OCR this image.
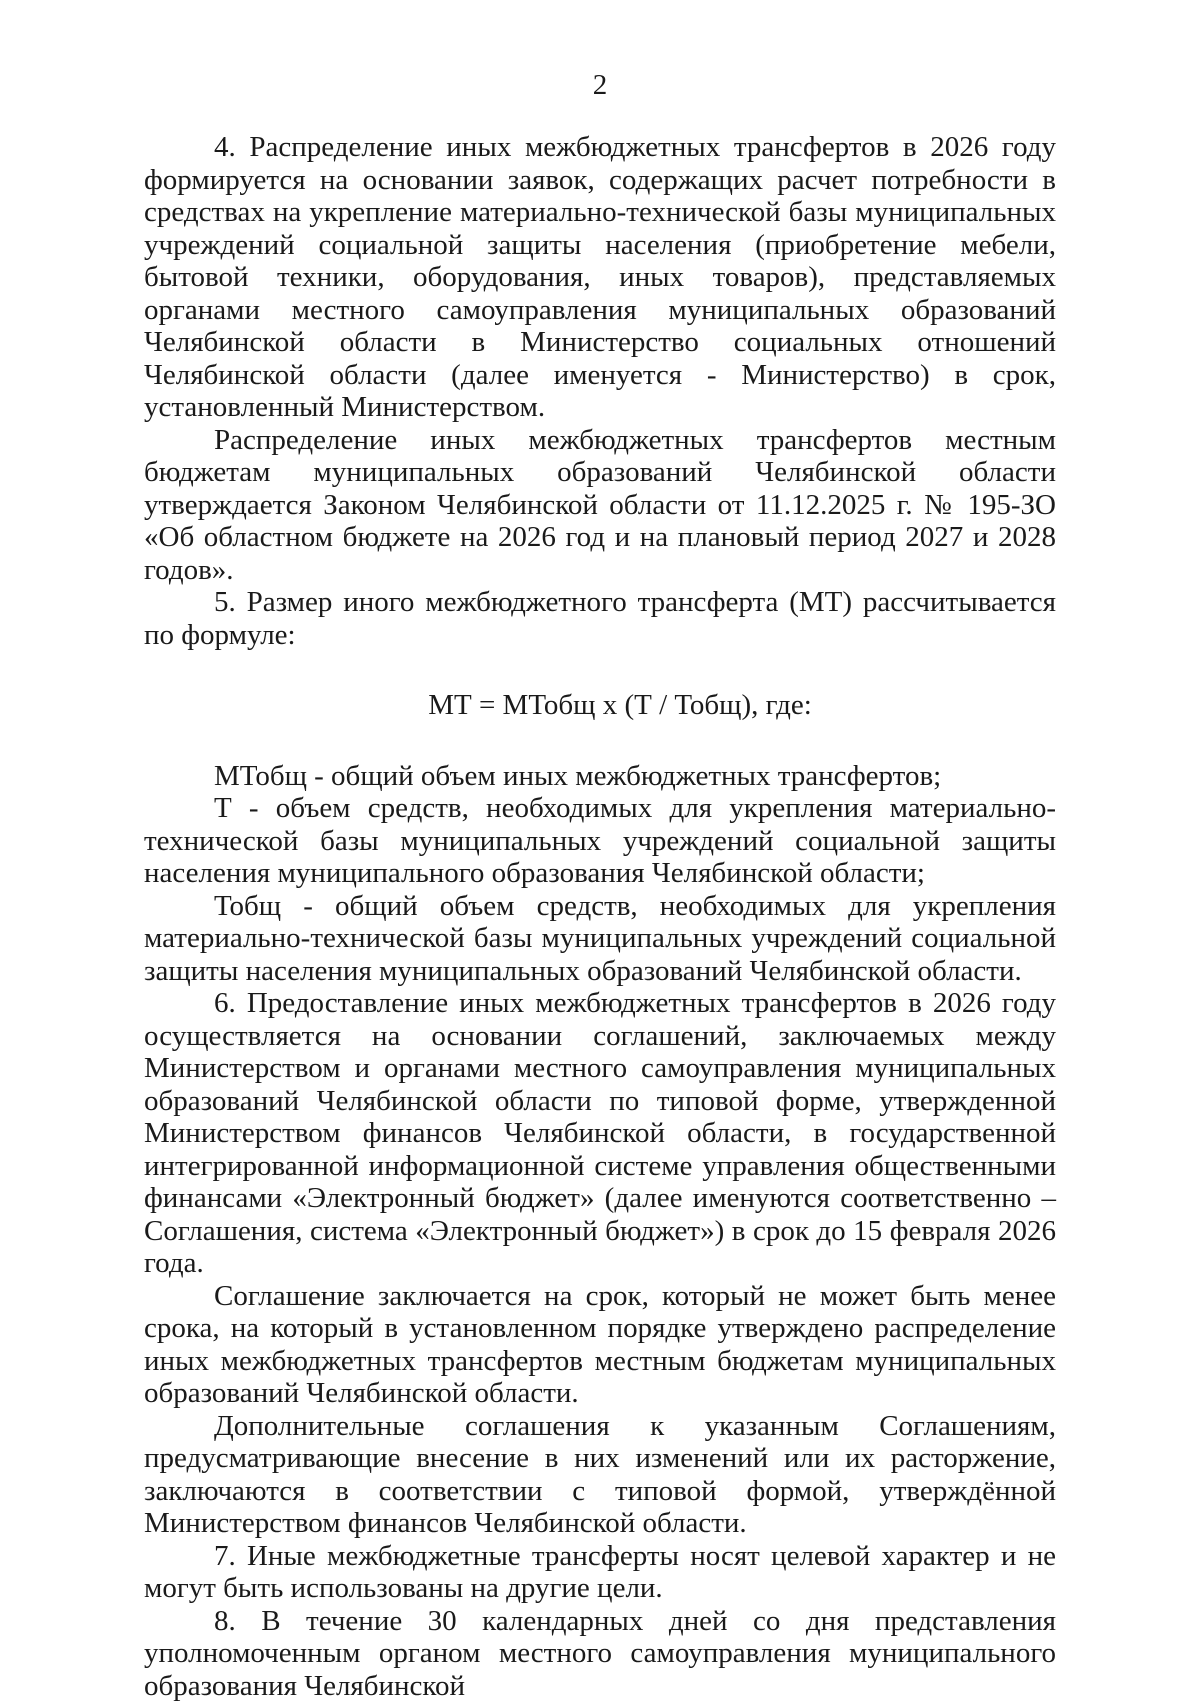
2

4. Распределение иных межбюджетных трансфертов в 2026 году формируется на основании заявок, содержащих расчет потребности в средствах на укрепление материально-технической базы муниципальных учреждений социальной защиты населения (приобретение мебели, бытовой техники, оборудования, иных товаров), представляемых органами местного самоуправления муниципальных образований Челябинской области в Министерство социальных отношений Челябинской области (далее именуется - Министерство) в срок, установленный Министерством.

Распределение иных межбюджетных трансфертов местным бюджетам муниципальных образований Челябинской области утверждается Законом Челябинской области от 11.12.2025 г. № 195-ЗО «Об областном бюджете на 2026 год и на плановый период 2027 и 2028 годов».

5. Размер иного межбюджетного трансферта (МТ) рассчитывается по формуле:

МТ = МТобщ х (Т / Тобщ), где:

МТобщ - общий объем иных межбюджетных трансфертов;

Т - объем средств, необходимых для укрепления материально-технической базы муниципальных учреждений социальной защиты населения муниципального образования Челябинской области;

Тобщ - общий объем средств, необходимых для укрепления материально-технической базы муниципальных учреждений социальной защиты населения муниципальных образований Челябинской области.

6. Предоставление иных межбюджетных трансфертов в 2026 году осуществляется на основании соглашений, заключаемых между Министерством и органами местного самоуправления муниципальных образований Челябинской области по типовой форме, утвержденной Министерством финансов Челябинской области, в государственной интегрированной информационной системе управления общественными финансами «Электронный бюджет» (далее именуются соответственно – Соглашения, система «Электронный бюджет») в срок до 15 февраля 2026 года.

Соглашение заключается на срок, который не может быть менее срока, на который в установленном порядке утверждено распределение иных межбюджетных трансфертов местным бюджетам муниципальных образований Челябинской области.

Дополнительные соглашения к указанным Соглашениям, предусматривающие внесение в них изменений или их расторжение, заключаются в соответствии с типовой формой, утверждённой Министерством финансов Челябинской области.

7. Иные межбюджетные трансферты носят целевой характер и не могут быть использованы на другие цели.

8. В течение 30 календарных дней со дня представления уполномоченным органом местного самоуправления муниципального образования Челябинской
